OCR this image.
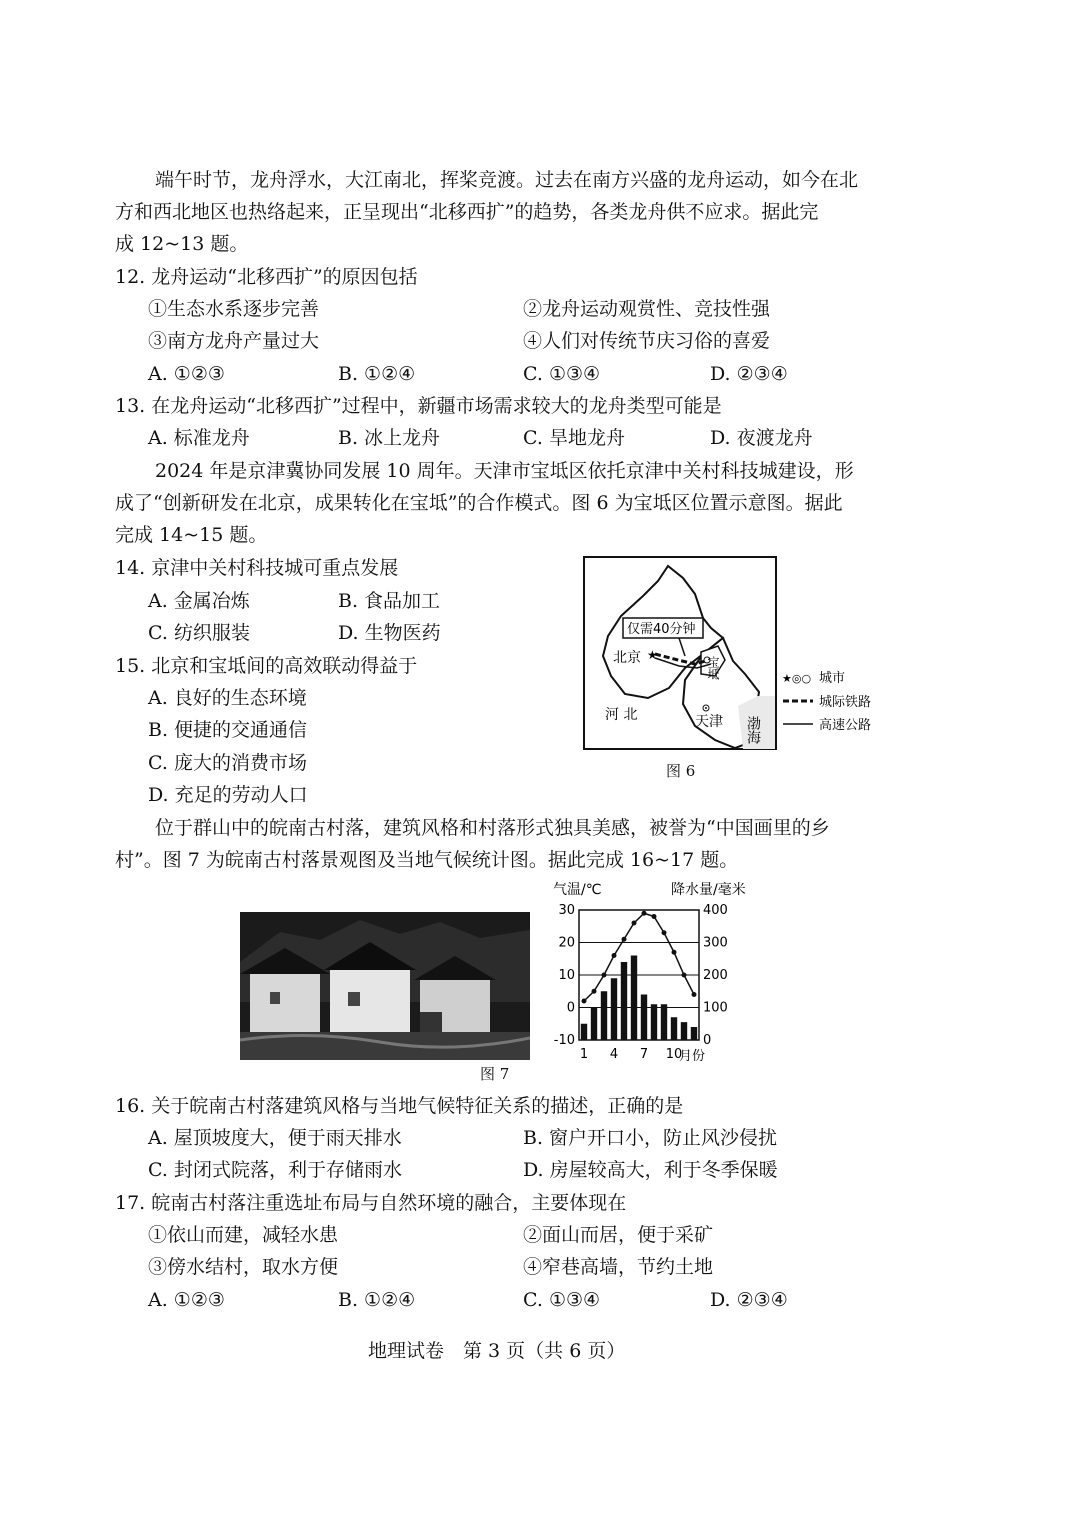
端午时节，龙舟浮水，大江南北，挥桨竞渡。过去在南方兴盛的龙舟运动，如今在北
方和西北地区也热络起来，正呈现出“北移西扩”的趋势，各类龙舟供不应求。据此完
成 12~13 题。
12. 龙舟运动“北移西扩”的原因包括
①生态水系逐步完善	②龙舟运动观赏性、竞技性强
③南方龙舟产量过大	④人们对传统节庆习俗的喜爱
A. ①②③	B. ①②④	C. ①③④	D. ②③④
13. 在龙舟运动“北移西扩”过程中，新疆市场需求较大的龙舟类型可能是
A. 标准龙舟	B. 冰上龙舟	C. 旱地龙舟	D. 夜渡龙舟
2024 年是京津冀协同发展 10 周年。天津市宝坻区依托京津中关村科技城建设，形
成了“创新研发在北京，成果转化在宝坻”的合作模式。图 6 为宝坻区位置示意图。据此
完成 14~15 题。
14. 京津中关村科技城可重点发展
A. 金属冶炼	B. 食品加工
C. 纺织服装	D. 生物医药
15. 北京和宝坻间的高效联动得益于
A. 良好的生态环境
B. 便捷的交通通信
C. 庞大的消费市场
D. 充足的劳动人口
仅需40分钟
★
北京	宝坻
天津
河 北
渤海
★◎○ 城市
城际铁路
高速公路
图 6
位于群山中的皖南古村落，建筑风格和村落形式独具美感，被誉为“中国画里的乡
村”。图 7 为皖南古村落景观图及当地气候统计图。据此完成 16~17 题。
气温/℃	降水量/毫米
30
20
10
0
-10
400
300
200
100
0
1 4 7 10
月份
图 7
16. 关于皖南古村落建筑风格与当地气候特征关系的描述，正确的是
A. 屋顶坡度大，便于雨天排水	B. 窗户开口小，防止风沙侵扰
C. 封闭式院落，利于存储雨水	D. 房屋较高大，利于冬季保暖
17. 皖南古村落注重选址布局与自然环境的融合，主要体现在
①依山而建，减轻水患	②面山而居，便于采矿
③傍水结村，取水方便	④窄巷高墙，节约土地
A. ①②③	B. ①②④	C. ①③④	D. ②③④
地理试卷　第 3 页（共 6 页）
